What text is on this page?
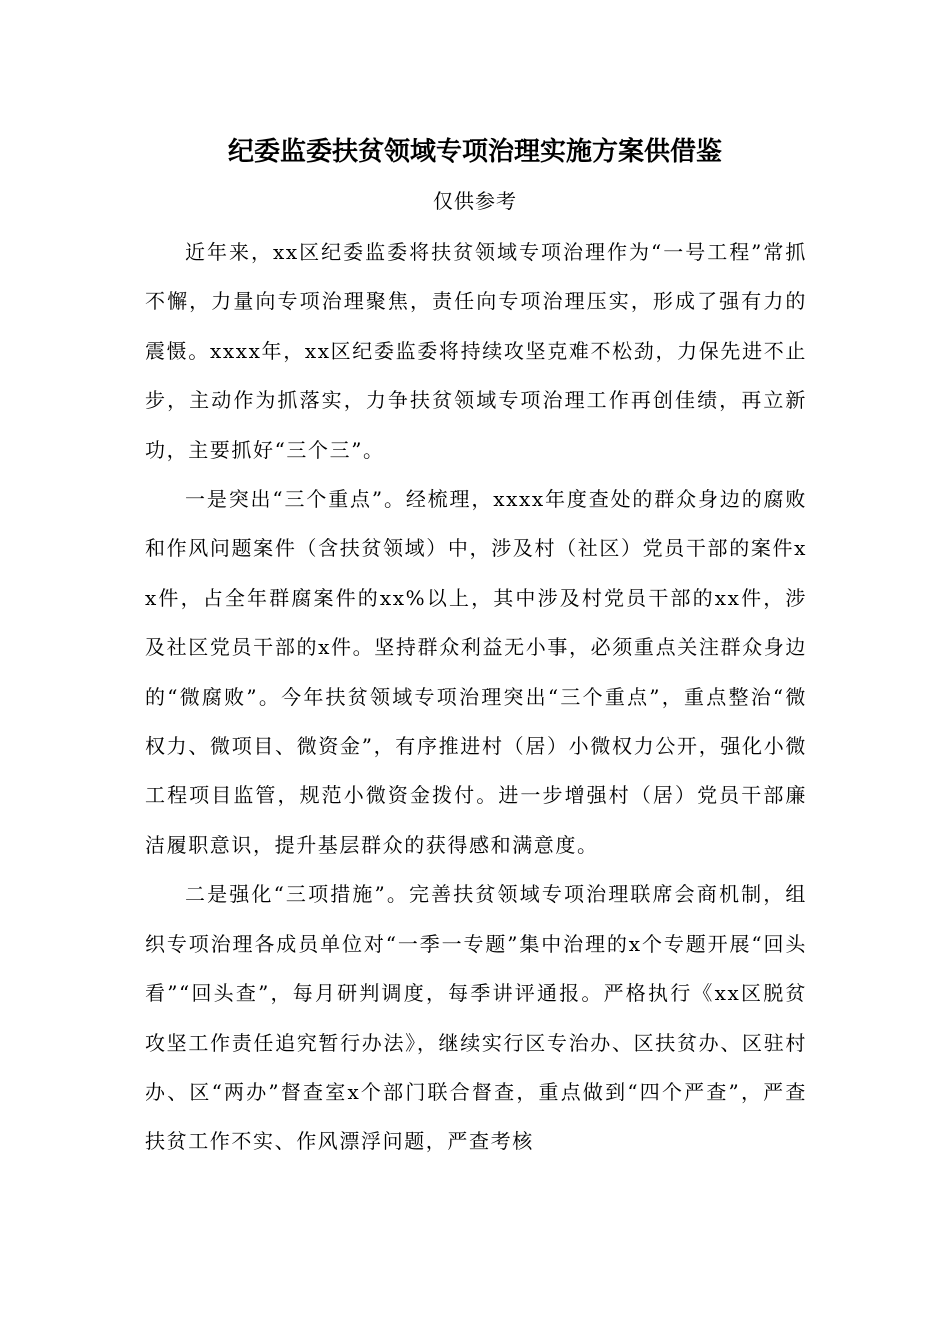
纪委监委扶贫领域专项治理实施方案供借鉴

仅供参考

近年来，xx区纪委监委将扶贫领域专项治理作为“一号工程”常抓不懈，力量向专项治理聚焦，责任向专项治理压实，形成了强有力的震慑。xxxx年，xx区纪委监委将持续攻坚克难不松劲，力保先进不止步，主动作为抓落实，力争扶贫领域专项治理工作再创佳绩，再立新功，主要抓好“三个三”。

一是突出“三个重点”。经梳理，xxxx年度查处的群众身边的腐败和作风问题案件（含扶贫领域）中，涉及村（社区）党员干部的案件xx件，占全年群腐案件的xx%以上，其中涉及村党员干部的xx件，涉及社区党员干部的x件。坚持群众利益无小事，必须重点关注群众身边的“微腐败”。今年扶贫领域专项治理突出“三个重点”，重点整治“微权力、微项目、微资金”，有序推进村（居）小微权力公开，强化小微工程项目监管，规范小微资金拨付。进一步增强村（居）党员干部廉洁履职意识，提升基层群众的获得感和满意度。

二是强化“三项措施”。完善扶贫领域专项治理联席会商机制，组织专项治理各成员单位对“一季一专题”集中治理的x个专题开展“回头看”“回头查”，每月研判调度，每季讲评通报。严格执行《xx区脱贫攻坚工作责任追究暂行办法》，继续实行区专治办、区扶贫办、区驻村办、区“两办”督查室x个部门联合督查，重点做到“四个严查”，严查扶贫工作不实、作风漂浮问题，严查考核
